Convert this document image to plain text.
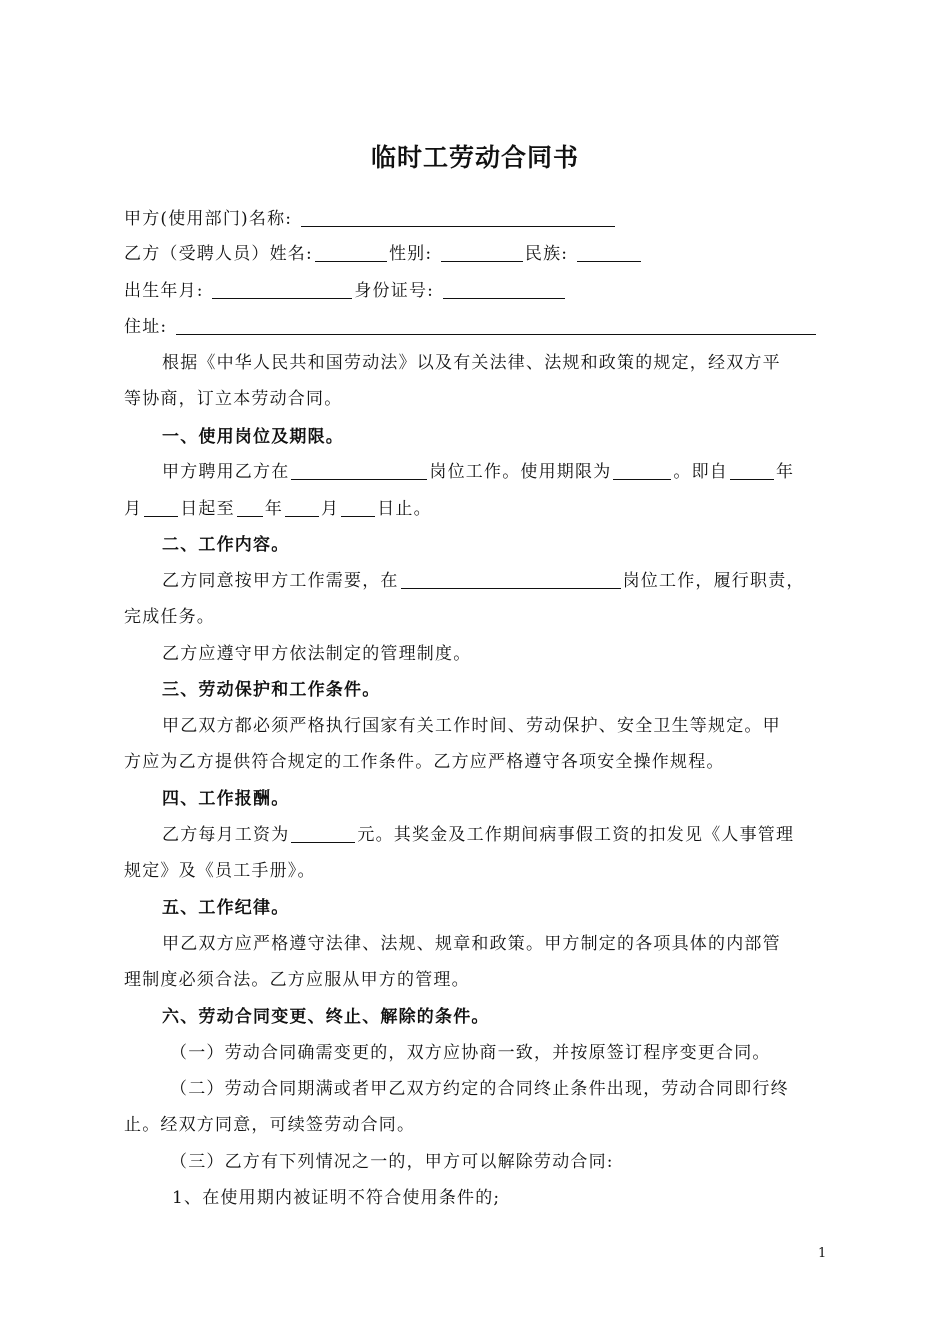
临时工劳动合同书
甲方(使用部门)名称:
乙方（受聘人员）姓名:	性别:	民族:
出生年月:	身份证号:
住址:
根据《中华人民共和国劳动法》以及有关法律、法规和政策的规定，经双方平
等协商，订立本劳动合同。
一、使用岗位及期限。
甲方聘用乙方在	岗位工作。使用期限为	。即自	年
月 日起至 年 月 日止。
二、工作内容。
乙方同意按甲方工作需要，在	岗位工作，履行职责，
完成任务。
乙方应遵守甲方依法制定的管理制度。
三、劳动保护和工作条件。
甲乙双方都必须严格执行国家有关工作时间、劳动保护、安全卫生等规定。甲
方应为乙方提供符合规定的工作条件。乙方应严格遵守各项安全操作规程。
四、工作报酬。
乙方每月工资为	元。其奖金及工作期间病事假工资的扣发见《人事管理
规定》及《员工手册》。
五、工作纪律。
甲乙双方应严格遵守法律、法规、规章和政策。甲方制定的各项具体的内部管
理制度必须合法。乙方应服从甲方的管理。
六、劳动合同变更、终止、解除的条件。
（一）劳动合同确需变更的，双方应协商一致，并按原签订程序变更合同。
（二）劳动合同期满或者甲乙双方约定的合同终止条件出现，劳动合同即行终
止。经双方同意，可续签劳动合同。
（三）乙方有下列情况之一的，甲方可以解除劳动合同:
1、在使用期内被证明不符合使用条件的;
1
